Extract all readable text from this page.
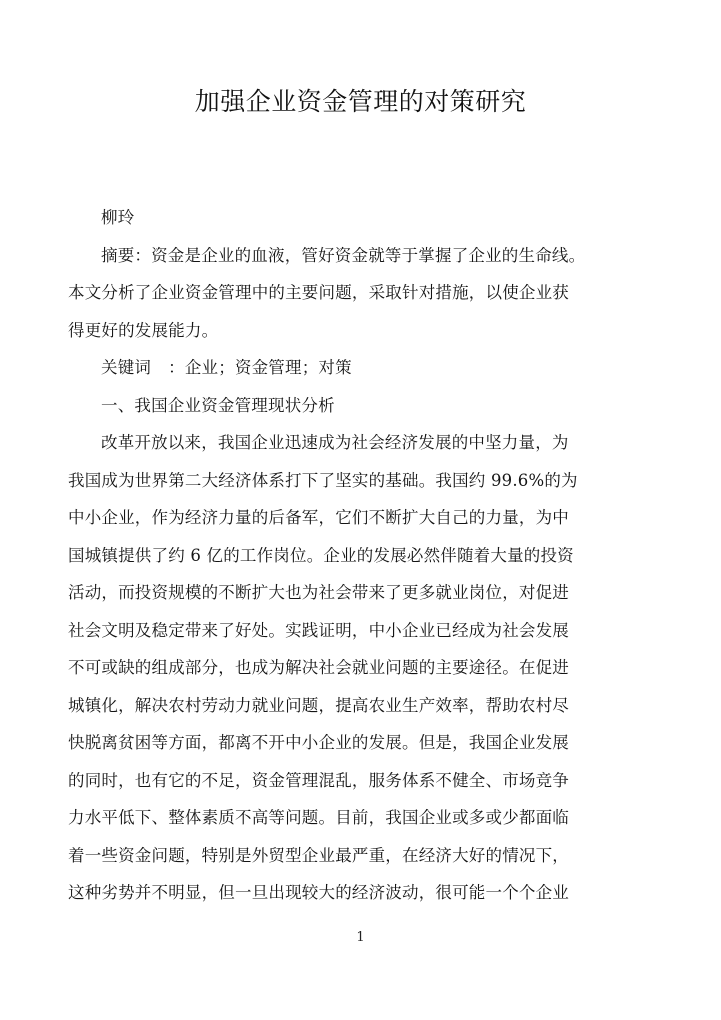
加强企业资金管理的对策研究
柳玲
摘要：资金是企业的血液，管好资金就等于掌握了企业的生命线。
本文分析了企业资金管理中的主要问题，采取针对措施，以使企业获
得更好的发展能力。
关键词 ：企业；资金管理；对策
一、我国企业资金管理现状分析
改革开放以来，我国企业迅速成为社会经济发展的中坚力量，为
我国成为世界第二大经济体系打下了坚实的基础。我国约 99.6%的为
中小企业，作为经济力量的后备军，它们不断扩大自己的力量，为中
国城镇提供了约 6 亿的工作岗位。企业的发展必然伴随着大量的投资
活动，而投资规模的不断扩大也为社会带来了更多就业岗位，对促进
社会文明及稳定带来了好处。实践证明，中小企业已经成为社会发展
不可或缺的组成部分，也成为解决社会就业问题的主要途径。在促进
城镇化，解决农村劳动力就业问题，提高农业生产效率，帮助农村尽
快脱离贫困等方面，都离不开中小企业的发展。但是，我国企业发展
的同时，也有它的不足，资金管理混乱，服务体系不健全、市场竞争
力水平低下、整体素质不高等问题。目前，我国企业或多或少都面临
着一些资金问题，特别是外贸型企业最严重，在经济大好的情况下，
这种劣势并不明显，但一旦出现较大的经济波动，很可能一个个企业
1
